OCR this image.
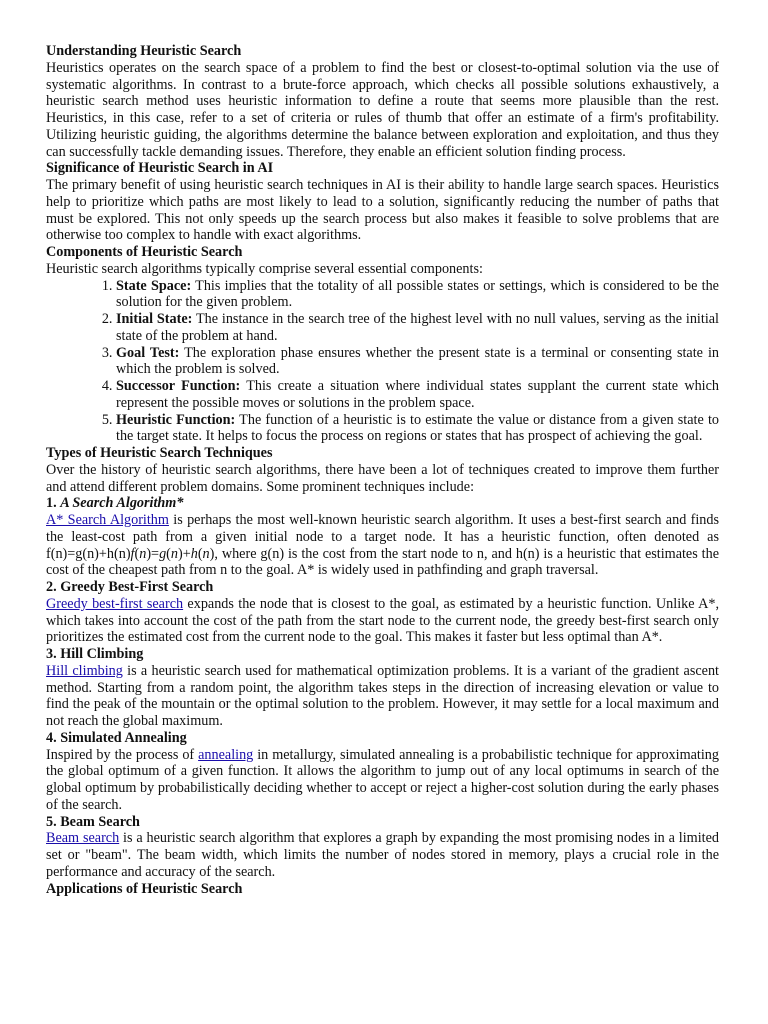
Understanding Heuristic Search
Heuristics operates on the search space of a problem to find the best or closest-to-optimal solution via the use of systematic algorithms. In contrast to a brute-force approach, which checks all possible solutions exhaustively, a heuristic search method uses heuristic information to define a route that seems more plausible than the rest. Heuristics, in this case, refer to a set of criteria or rules of thumb that offer an estimate of a firm's profitability. Utilizing heuristic guiding, the algorithms determine the balance between exploration and exploitation, and thus they can successfully tackle demanding issues. Therefore, they enable an efficient solution finding process.
Significance of Heuristic Search in AI
The primary benefit of using heuristic search techniques in AI is their ability to handle large search spaces. Heuristics help to prioritize which paths are most likely to lead to a solution, significantly reducing the number of paths that must be explored. This not only speeds up the search process but also makes it feasible to solve problems that are otherwise too complex to handle with exact algorithms.
Components of Heuristic Search
Heuristic search algorithms typically comprise several essential components:
1. State Space: This implies that the totality of all possible states or settings, which is considered to be the solution for the given problem.
2. Initial State: The instance in the search tree of the highest level with no null values, serving as the initial state of the problem at hand.
3. Goal Test: The exploration phase ensures whether the present state is a terminal or consenting state in which the problem is solved.
4. Successor Function: This create a situation where individual states supplant the current state which represent the possible moves or solutions in the problem space.
5. Heuristic Function: The function of a heuristic is to estimate the value or distance from a given state to the target state. It helps to focus the process on regions or states that has prospect of achieving the goal.
Types of Heuristic Search Techniques
Over the history of heuristic search algorithms, there have been a lot of techniques created to improve them further and attend different problem domains. Some prominent techniques include:
1. A Search Algorithm*
A* Search Algorithm is perhaps the most well-known heuristic search algorithm. It uses a best-first search and finds the least-cost path from a given initial node to a target node. It has a heuristic function, often denoted as f(n)=g(n)+h(n)f(n)=g(n)+h(n), where g(n) is the cost from the start node to n, and h(n) is a heuristic that estimates the cost of the cheapest path from n to the goal. A* is widely used in pathfinding and graph traversal.
2. Greedy Best-First Search
Greedy best-first search expands the node that is closest to the goal, as estimated by a heuristic function. Unlike A*, which takes into account the cost of the path from the start node to the current node, the greedy best-first search only prioritizes the estimated cost from the current node to the goal. This makes it faster but less optimal than A*.
3. Hill Climbing
Hill climbing is a heuristic search used for mathematical optimization problems. It is a variant of the gradient ascent method. Starting from a random point, the algorithm takes steps in the direction of increasing elevation or value to find the peak of the mountain or the optimal solution to the problem. However, it may settle for a local maximum and not reach the global maximum.
4. Simulated Annealing
Inspired by the process of annealing in metallurgy, simulated annealing is a probabilistic technique for approximating the global optimum of a given function. It allows the algorithm to jump out of any local optimums in search of the global optimum by probabilistically deciding whether to accept or reject a higher-cost solution during the early phases of the search.
5. Beam Search
Beam search is a heuristic search algorithm that explores a graph by expanding the most promising nodes in a limited set or "beam". The beam width, which limits the number of nodes stored in memory, plays a crucial role in the performance and accuracy of the search.
Applications of Heuristic Search
